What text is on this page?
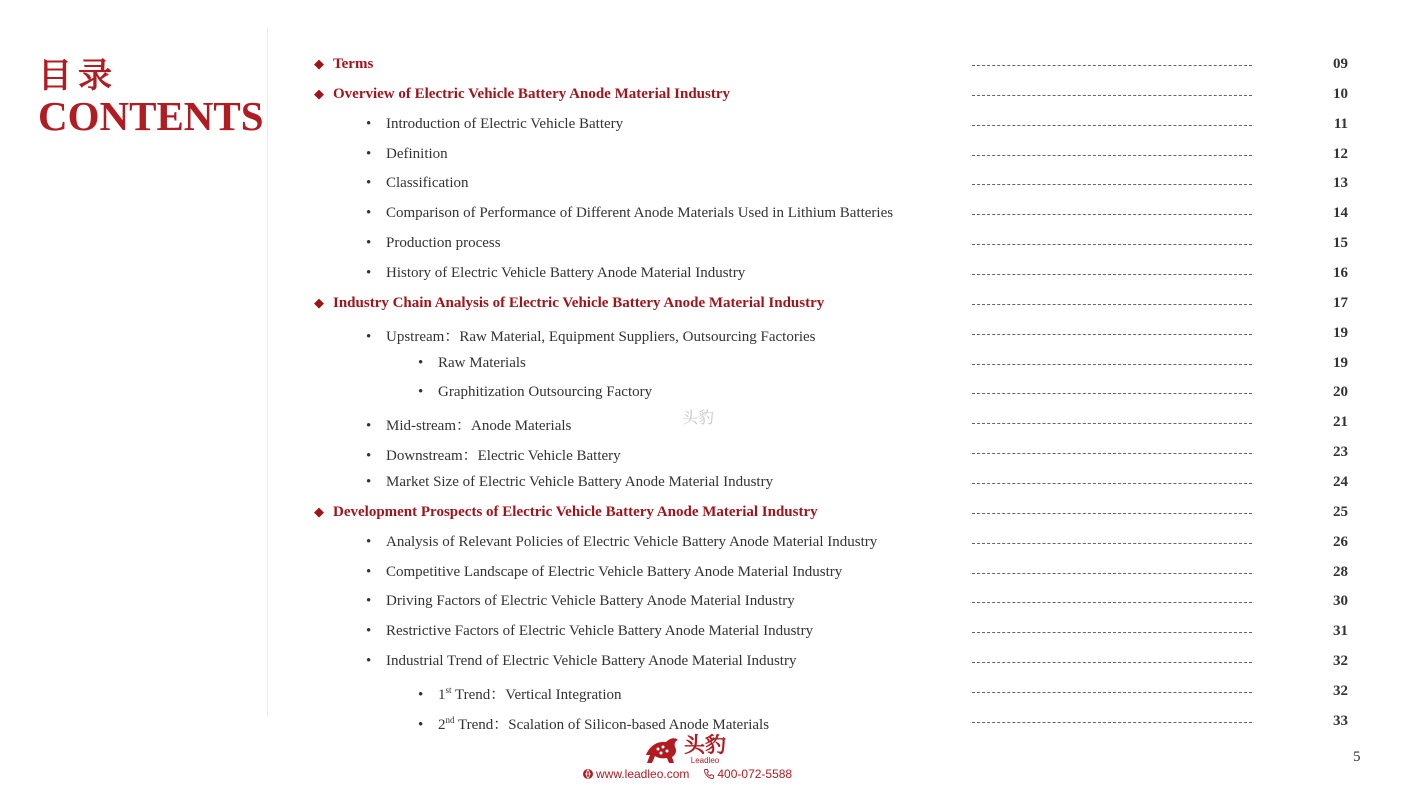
目录
CONTENTS
◆ Terms	09
◆ Overview of Electric Vehicle Battery Anode Material Industry	10
• Introduction of Electric Vehicle Battery	11
• Definition	12
• Classification	13
• Comparison of Performance of Different Anode Materials Used in Lithium Batteries	14
• Production process	15
• History of Electric Vehicle Battery Anode Material Industry	16
◆ Industry Chain Analysis of Electric Vehicle Battery Anode Material Industry	17
• Upstream：Raw Material, Equipment Suppliers, Outsourcing Factories	19
• Raw Materials	19
• Graphitization Outsourcing Factory	20
• Mid-stream：Anode Materials	21
• Downstream：Electric Vehicle Battery	23
• Market Size of Electric Vehicle Battery Anode Material Industry	24
◆ Development Prospects of Electric Vehicle Battery Anode Material Industry	25
• Analysis of Relevant Policies of Electric Vehicle Battery Anode Material Industry	26
• Competitive Landscape of Electric Vehicle Battery Anode Material Industry	28
• Driving Factors of Electric Vehicle Battery Anode Material Industry	30
• Restrictive Factors of Electric Vehicle Battery Anode Material Industry	31
• Industrial Trend of Electric Vehicle Battery Anode Material Industry	32
• 1st Trend：Vertical Integration	32
• 2nd Trend：Scalation of Silicon-based Anode Materials	33
头豹
头豹
Leadleo
www.leadleo.com 400-072-5588
5
